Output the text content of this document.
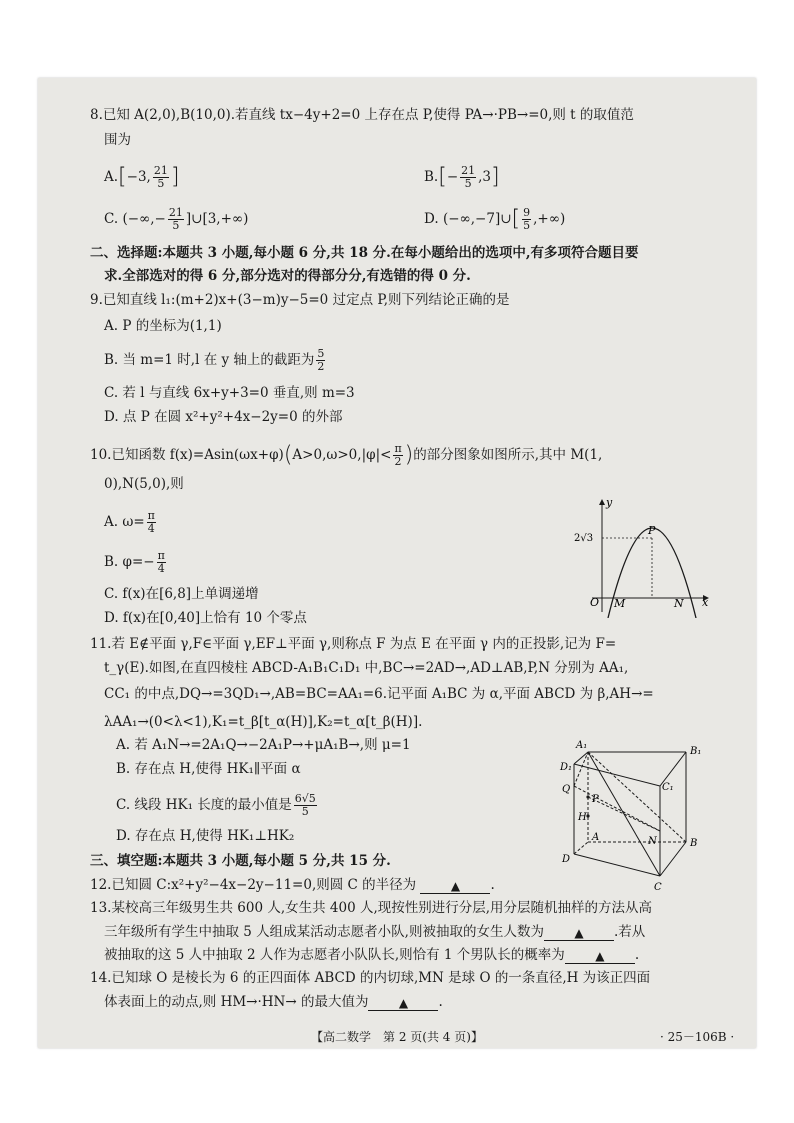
8.已知 A(2,0),B(10,0).若直线 tx−4y+2=0 上存在点 P,使得 PA→·PB→=0,则 t 的取值范
围为
A.[−3, $\frac{21}{5}$ ]	$B.[- \frac{21}{5} ,3]$
C. (−∞,− $\frac{21}{5}$ ]∪[3,+∞)	D. (−∞,−7]∪[ $\frac{9}{5}$ ,+∞)
二、选择题:本题共 3 小题,每小题 6 分,共 18 分.在每小题给出的选项中,有多项符合题目要
求.全部选对的得 6 分,部分选对的得部分分,有选错的得 0 分.
9.已知直线 l₁:(m+2)x+(3−m)y−5=0 过定点 P,则下列结论正确的是
A. P 的坐标为(1,1)
B. 当 m=1 时,l 在 y 轴上的截距为 $\frac{5}{2}$
C. 若 l 与直线 6x+y+3=0 垂直,则 m=3
D. 点 P 在圆 x²+y²+4x−2y=0 的外部
10.已知函数 $f(x)=Asin(\omega x+\varphi)(A>0,\omega>0,|\varphi|< \frac{\pi}{2}$ )的部分图象如图所示,其中 M(1,
0),N(5,0),则
A. $\omega= \frac{\pi}{4}$
B. $\varphi=- \frac{\pi}{4}$
C. f(x)在[6,8]上单调递增
D. f(x)在[0,40]上恰有 10 个零点
y
x
O M	N
P
2√3
11.若 E∉平面 γ,F∈平面 γ,EF⊥平面 γ,则称点 F 为点 E 在平面 γ 内的正投影,记为 F=
t_γ(E).如图,在直四棱柱 ABCD-A₁B₁C₁D₁ 中,BC→=2AD→,AD⊥AB,P,N 分别为 AA₁,
CC₁ 的中点,DQ→=3QD₁→,AB=BC=AA₁=6.记平面 A₁BC 为 α,平面 ABCD 为 β,AH→=
λAA₁→(0<λ<1),K₁=t_β[t_α(H)],K₂=t_α[t_β(H)].
A. 若 A₁N→=2A₁Q→−2A₁P→+μA₁B→,则 μ=1
B. 存在点 H,使得 HK₁∥平面 α
C. 线段 HK₁ 长度的最小值是 $\frac{6√5}{5}$
D. 存在点 H,使得 HK₁⊥HK₂
A₁
B₁
C₁
D₁
Q
P
H
N
A
B
C
D
三、填空题:本题共 3 小题,每小题 5 分,共 15 分.
12.已知圆 C:x²+y²−4x−2y−11=0,则圆 C 的半径为	▲ .
13.某校高三年级男生共 600 人,女生共 400 人,现按性别进行分层,用分层随机抽样的方法从高
三年级所有学生中抽取 5 人组成某活动志愿者小队,则被抽取的女生人数为	▲ .若从
被抽取的这 5 人中抽取 2 人作为志愿者小队队长,则恰有 1 个男队长的概率为	▲ .
14.已知球 O 是棱长为 6 的正四面体 ABCD 的内切球,MN 是球 O 的一条直径,H 为该正四面
体表面上的动点,则 HM→·HN→ 的最大值为	▲ .
【高二数学　第 2 页(共 4 页)】	· 25－106B ·
